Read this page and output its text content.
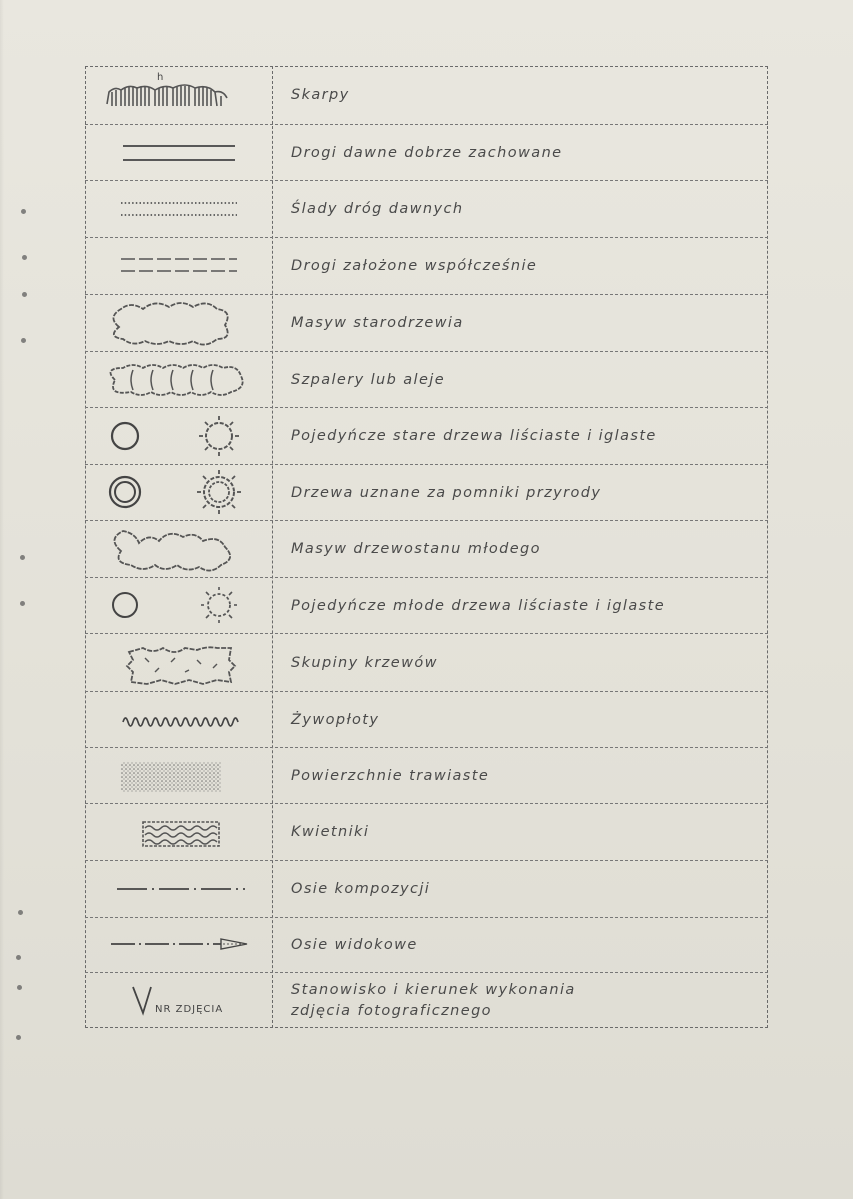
h
Skarpy
Drogi dawne dobrze zachowane
Ślady dróg dawnych
Drogi założone współcześnie
Masyw starodrzewia
Szpalery lub aleje
Pojedyńcze stare drzewa liściaste i iglaste
Drzewa uznane za pomniki przyrody
Masyw drzewostanu młodego
Pojedyńcze młode drzewa liściaste i iglaste
Skupiny krzewów
Żywopłoty
Powierzchnie trawiaste
Kwietniki
Osie kompozycji
Osie widokowe
NR ZDJĘCIA
Stanowisko i kierunek wykonania
zdjęcia fotograficznego
